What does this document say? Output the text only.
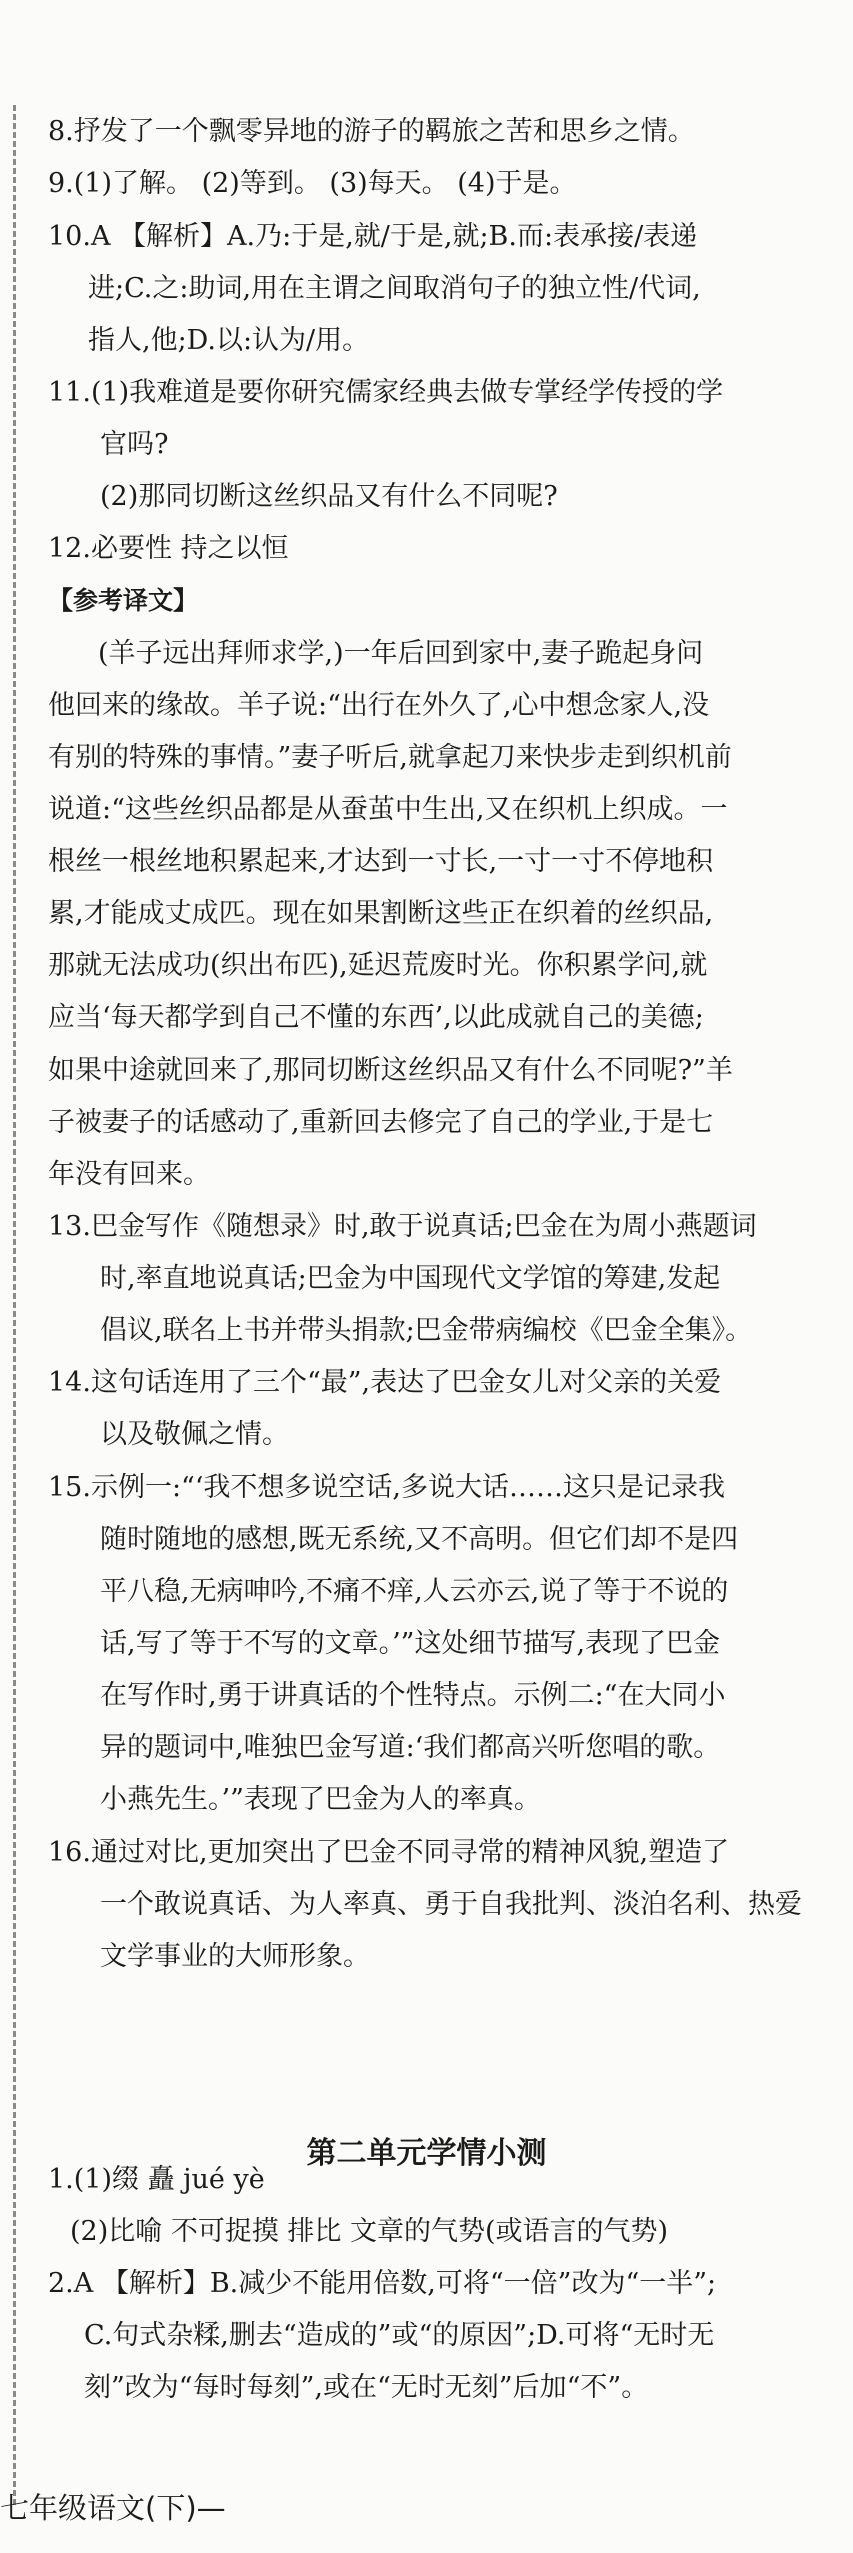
8.抒发了一个飘零异地的游子的羁旅之苦和思乡之情。
9.(1)了解。 (2)等到。 (3)每天。 (4)于是。
10.A 【解析】A.乃:于是,就/于是,就;B.而:表承接/表递
进;C.之:助词,用在主谓之间取消句子的独立性/代词,
指人,他;D.以:认为/用。
11.(1)我难道是要你研究儒家经典去做专掌经学传授的学
官吗?
(2)那同切断这丝织品又有什么不同呢?
12.必要性 持之以恒
【参考译文】
(羊子远出拜师求学,)一年后回到家中,妻子跪起身问
他回来的缘故。羊子说:“出行在外久了,心中想念家人,没
有别的特殊的事情。”妻子听后,就拿起刀来快步走到织机前
说道:“这些丝织品都是从蚕茧中生出,又在织机上织成。一
根丝一根丝地积累起来,才达到一寸长,一寸一寸不停地积
累,才能成丈成匹。现在如果割断这些正在织着的丝织品,
那就无法成功(织出布匹),延迟荒废时光。你积累学问,就
应当‘每天都学到自己不懂的东西’,以此成就自己的美德;
如果中途就回来了,那同切断这丝织品又有什么不同呢?”羊
子被妻子的话感动了,重新回去修完了自己的学业,于是七
年没有回来。
13.巴金写作《随想录》时,敢于说真话;巴金在为周小燕题词
时,率直地说真话;巴金为中国现代文学馆的筹建,发起
倡议,联名上书并带头捐款;巴金带病编校《巴金全集》。
14.这句话连用了三个“最”,表达了巴金女儿对父亲的关爱
以及敬佩之情。
15.示例一:“‘我不想多说空话,多说大话……这只是记录我
随时随地的感想,既无系统,又不高明。但它们却不是四
平八稳,无病呻吟,不痛不痒,人云亦云,说了等于不说的
话,写了等于不写的文章。’”这处细节描写,表现了巴金
在写作时,勇于讲真话的个性特点。示例二:“在大同小
异的题词中,唯独巴金写道:‘我们都高兴听您唱的歌。
小燕先生。’”表现了巴金为人的率真。
16.通过对比,更加突出了巴金不同寻常的精神风貌,塑造了
一个敢说真话、为人率真、勇于自我批判、淡泊名利、热爱
文学事业的大师形象。
1.(1)缀 矗 jué yè
(2)比喻 不可捉摸 排比 文章的气势(或语言的气势)
2.A 【解析】B.减少不能用倍数,可将“一倍”改为“一半”;
C.句式杂糅,删去“造成的”或“的原因”;D.可将“无时无
刻”改为“每时每刻”,或在“无时无刻”后加“不”。
第二单元学情小测
七年级语文(下)—
